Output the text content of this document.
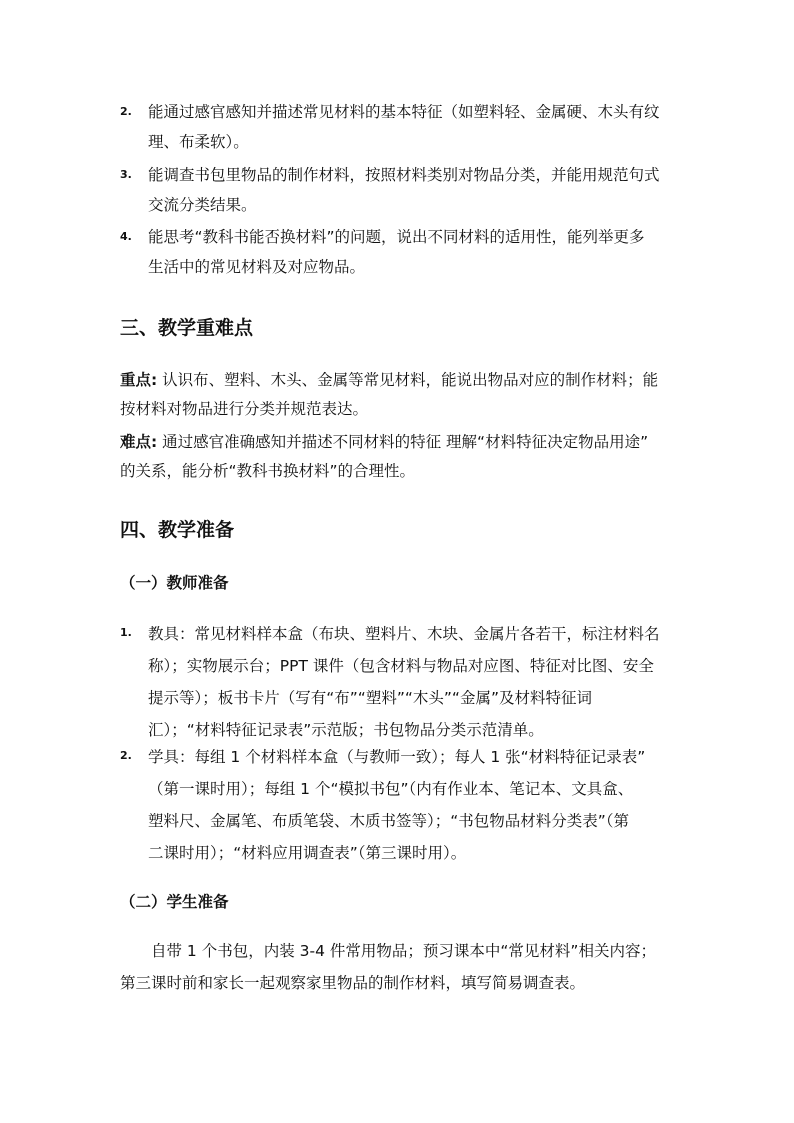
2. 能通过感官感知并描述常见材料的基本特征（如塑料轻、金属硬、木头有纹
理、布柔软）。
3. 能调查书包里物品的制作材料，按照材料类别对物品分类，并能用规范句式
交流分类结果。
4. 能思考“教科书能否换材料”的问题，说出不同材料的适用性，能列举更多
生活中的常见材料及对应物品。
三、教学重难点
重点: 认识布、塑料、木头、金属等常见材料，能说出物品对应的制作材料；能
按材料对物品进行分类并规范表达。
难点: 通过感官准确感知并描述不同材料的特征 理解“材料特征决定物品用途”
的关系，能分析“教科书换材料”的合理性。
四、教学准备
（一）教师准备
1. 教具：常见材料样本盒（布块、塑料片、木块、金属片各若干，标注材料名
称）；实物展示台；PPT 课件（包含材料与物品对应图、特征对比图、安全
提示等）；板书卡片（写有“布”“塑料”“木头”“金属”及材料特征词
汇）；“材料特征记录表”示范版；书包物品分类示范清单。
2. 学具：每组 1 个材料样本盒（与教师一致）；每人 1 张“材料特征记录表”
（第一课时用）；每组 1 个“模拟书包”（内有作业本、笔记本、文具盒、
塑料尺、金属笔、布质笔袋、木质书签等）；“书包物品材料分类表”（第
二课时用）；“材料应用调查表”（第三课时用）。
（二）学生准备
自带 1 个书包，内装 3-4 件常用物品；预习课本中“常见材料”相关内容；
第三课时前和家长一起观察家里物品的制作材料，填写简易调查表。
